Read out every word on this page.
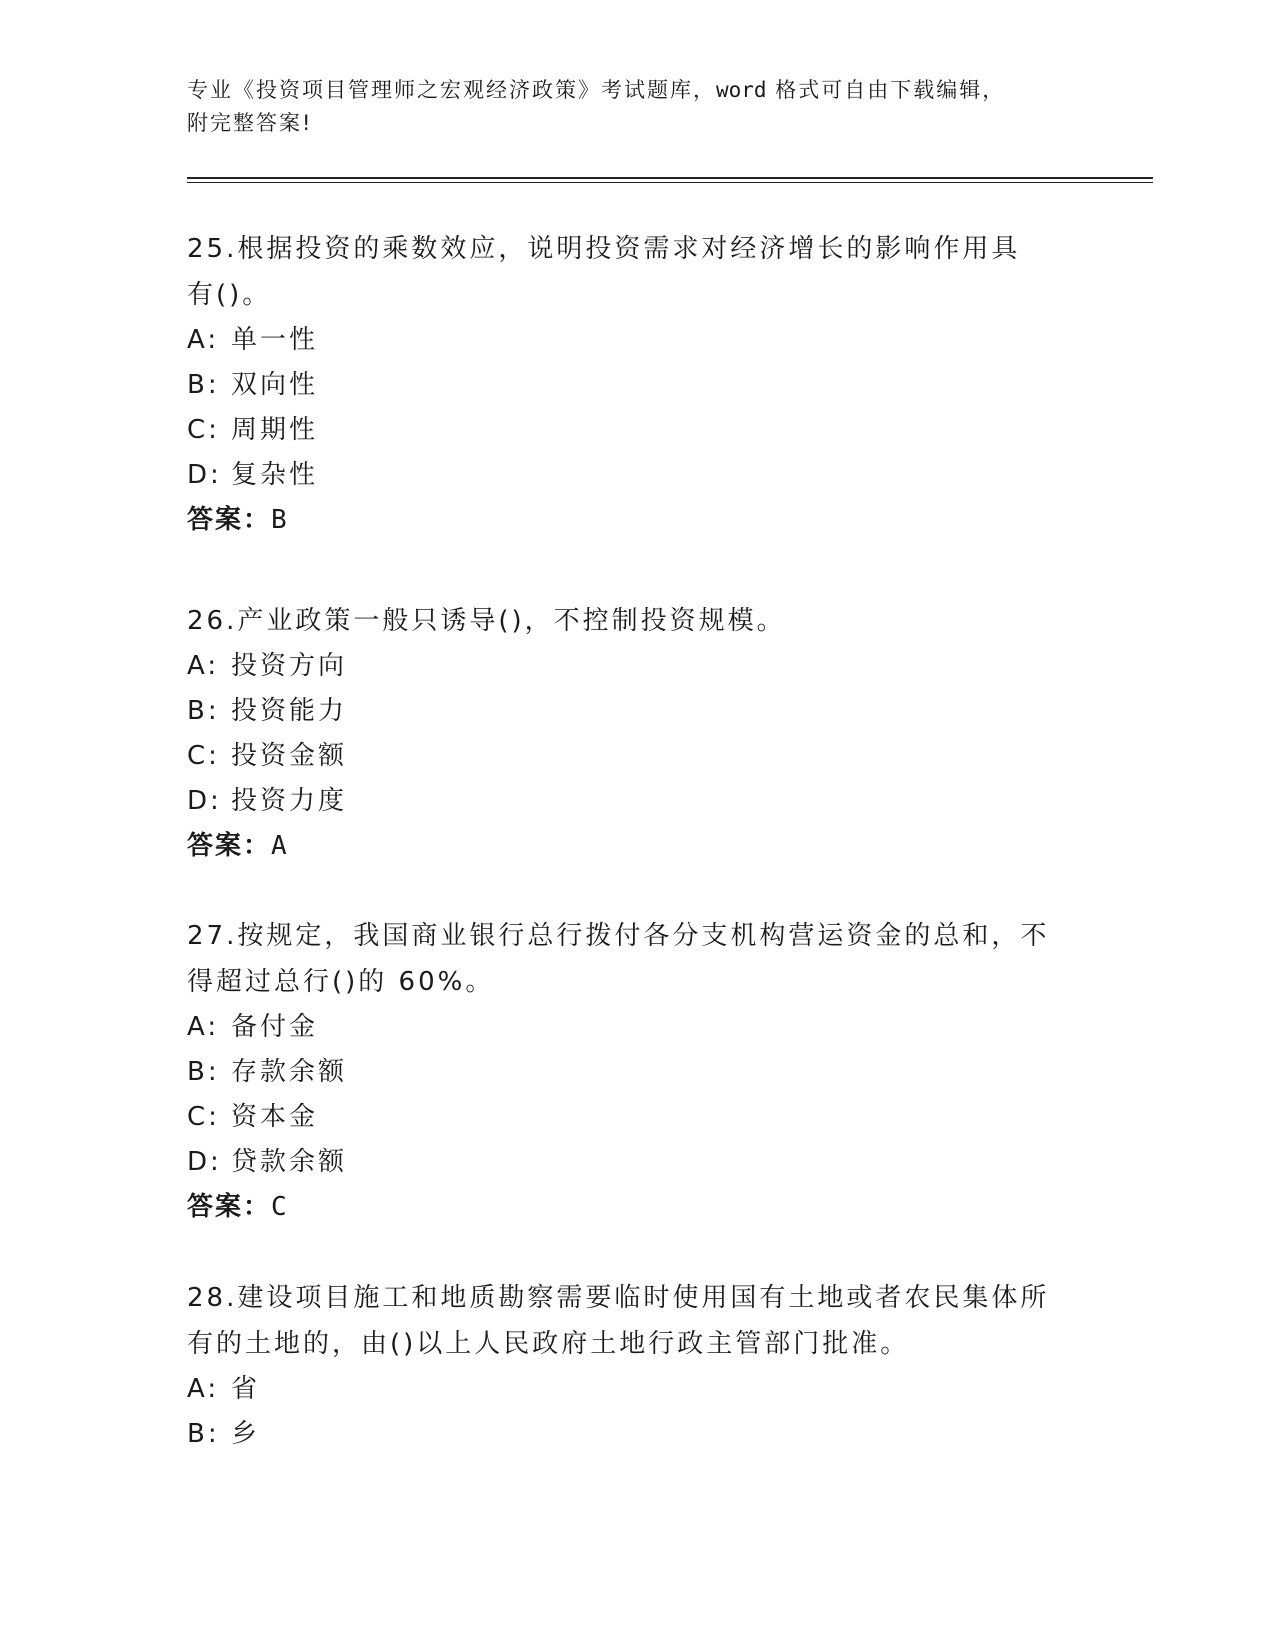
专业《投资项目管理师之宏观经济政策》考试题库，word 格式可自由下载编辑，
附完整答案!
25.根据投资的乘数效应，说明投资需求对经济增长的影响作用具有()。
A: 单一性
B: 双向性
C: 周期性
D: 复杂性
答案：B
26.产业政策一般只诱导()，不控制投资规模。
A: 投资方向
B: 投资能力
C: 投资金额
D: 投资力度
答案：A
27.按规定，我国商业银行总行拨付各分支机构营运资金的总和，不得超过总行()的 60%。
A: 备付金
B: 存款余额
C: 资本金
D: 贷款余额
答案：C
28.建设项目施工和地质勘察需要临时使用国有土地或者农民集体所有的土地的，由()以上人民政府土地行政主管部门批准。
A: 省
B: 乡
